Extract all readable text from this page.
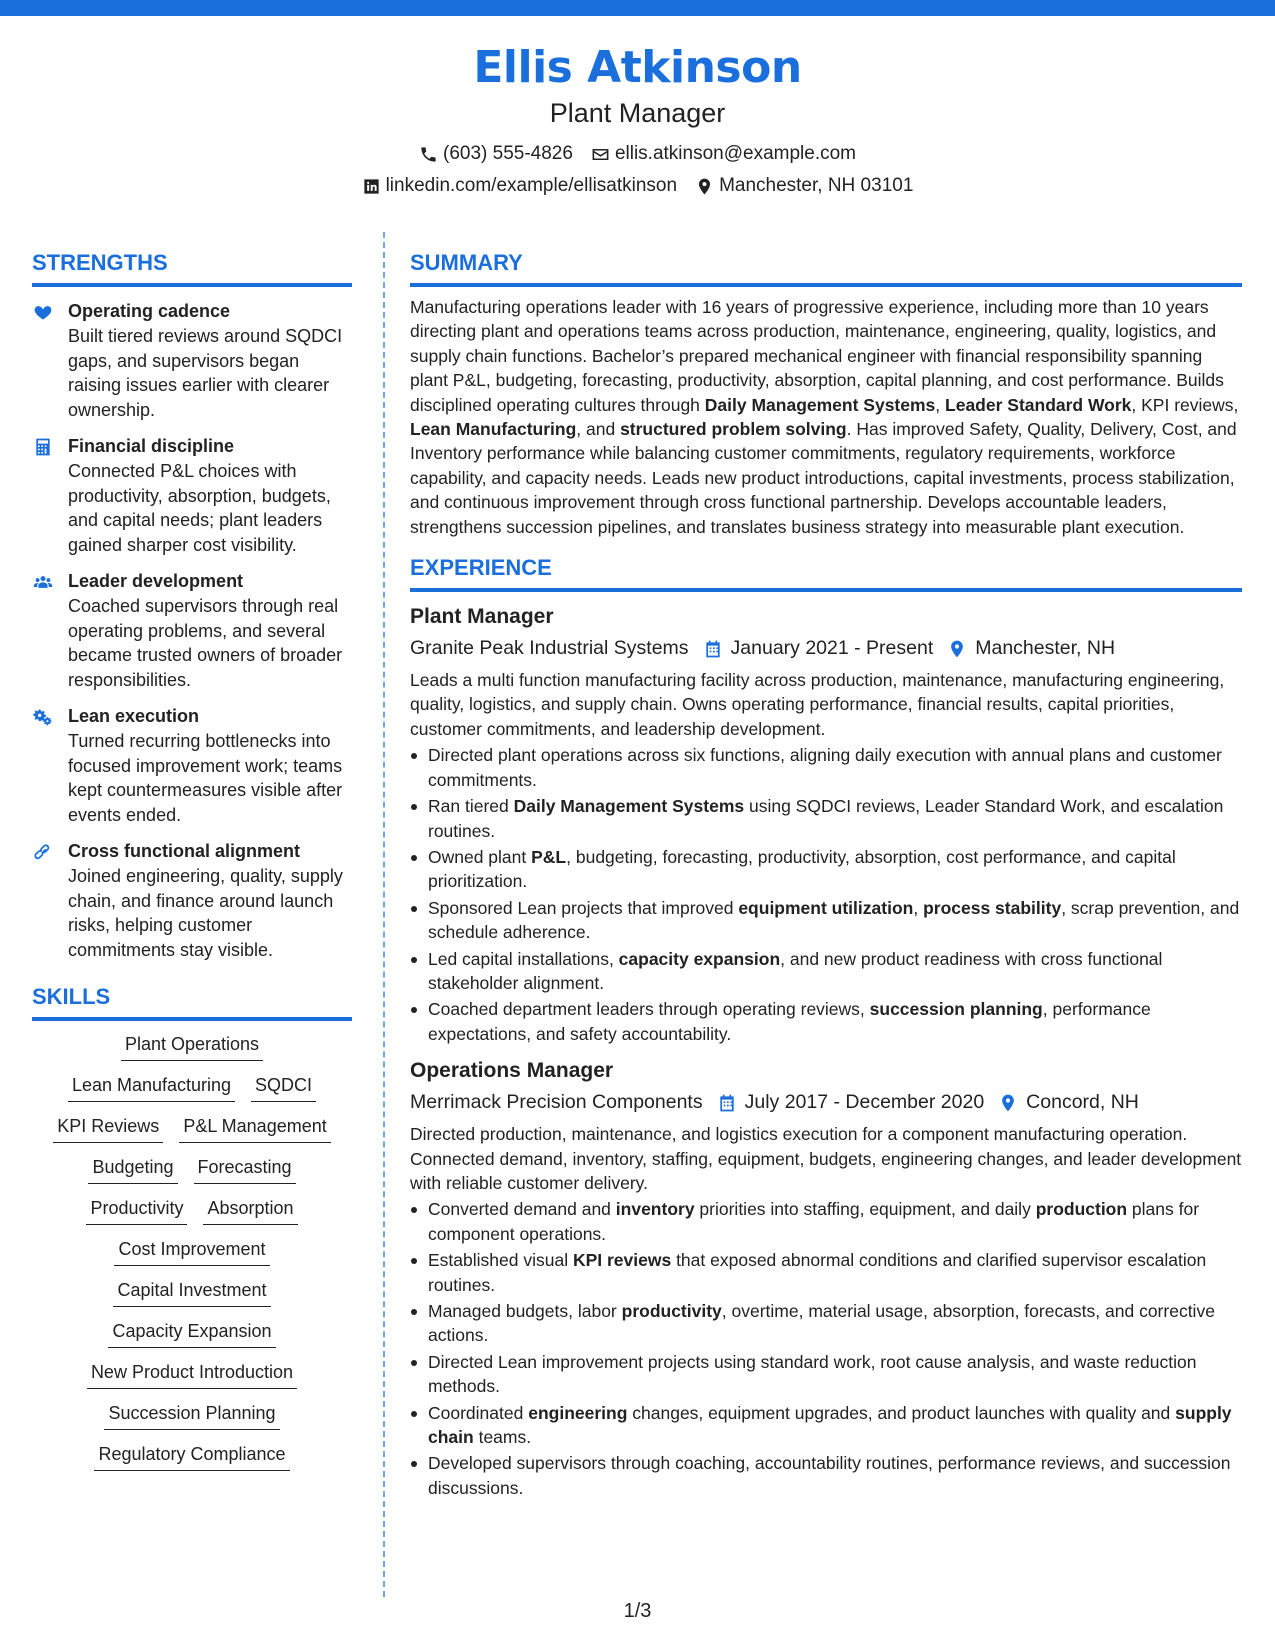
Ellis Atkinson
Plant Manager
(603) 555-4826 ellis.atkinson@example.com
linkedin.com/example/ellisatkinson Manchester, NH 03101
STRENGTHS
Operating cadence
Built tiered reviews around SQDCI gaps, and supervisors began raising issues earlier with clearer ownership.
Financial discipline
Connected P&L choices with productivity, absorption, budgets, and capital needs; plant leaders gained sharper cost visibility.
Leader development
Coached supervisors through real operating problems, and several became trusted owners of broader responsibilities.
Lean execution
Turned recurring bottlenecks into focused improvement work; teams kept countermeasures visible after events ended.
Cross functional alignment
Joined engineering, quality, supply chain, and finance around launch risks, helping customer commitments stay visible.
SKILLS
Plant Operations
Lean Manufacturing SQDCI
KPI Reviews P&L Management
Budgeting Forecasting
Productivity Absorption
Cost Improvement
Capital Investment
Capacity Expansion
New Product Introduction
Succession Planning
Regulatory Compliance
SUMMARY

Manufacturing operations leader with 16 years of progressive experience, including more than 10 years directing plant and operations teams across production, maintenance, engineering, quality, logistics, and supply chain functions. Bachelor’s prepared mechanical engineer with financial responsibility spanning plant P&L, budgeting, forecasting, productivity, absorption, capital planning, and cost performance. Builds disciplined operating cultures through Daily Management Systems, Leader Standard Work, KPI reviews, Lean Manufacturing, and structured problem solving. Has improved Safety, Quality, Delivery, Cost, and Inventory performance while balancing customer commitments, regulatory requirements, workforce capability, and capacity needs. Leads new product introductions, capital investments, process stabilization, and continuous improvement through cross functional partnership. Develops accountable leaders, strengthens succession pipelines, and translates business strategy into measurable plant execution.

EXPERIENCE
Plant Manager
Granite Peak Industrial Systems January 2021 - Present Manchester, NH

Leads a multi function manufacturing facility across production, maintenance, manufacturing engineering, quality, logistics, and supply chain. Owns operating performance, financial results, capital priorities, customer commitments, and leadership development.

Directed plant operations across six functions, aligning daily execution with annual plans and customer commitments.
Ran tiered Daily Management Systems using SQDCI reviews, Leader Standard Work, and escalation routines.
Owned plant P&L, budgeting, forecasting, productivity, absorption, cost performance, and capital prioritization.
Sponsored Lean projects that improved equipment utilization, process stability, scrap prevention, and schedule adherence.
Led capital installations, capacity expansion, and new product readiness with cross functional stakeholder alignment.
Coached department leaders through operating reviews, succession planning, performance expectations, and safety accountability.
Operations Manager
Merrimack Precision Components July 2017 - December 2020 Concord, NH

Directed production, maintenance, and logistics execution for a component manufacturing operation. Connected demand, inventory, staffing, equipment, budgets, engineering changes, and leader development with reliable customer delivery.

Converted demand and inventory priorities into staffing, equipment, and daily production plans for component operations.
Established visual KPI reviews that exposed abnormal conditions and clarified supervisor escalation routines.
Managed budgets, labor productivity, overtime, material usage, absorption, forecasts, and corrective actions.
Directed Lean improvement projects using standard work, root cause analysis, and waste reduction methods.
Coordinated engineering changes, equipment upgrades, and product launches with quality and supply chain teams.
Developed supervisors through coaching, accountability routines, performance reviews, and succession discussions.
1/3
